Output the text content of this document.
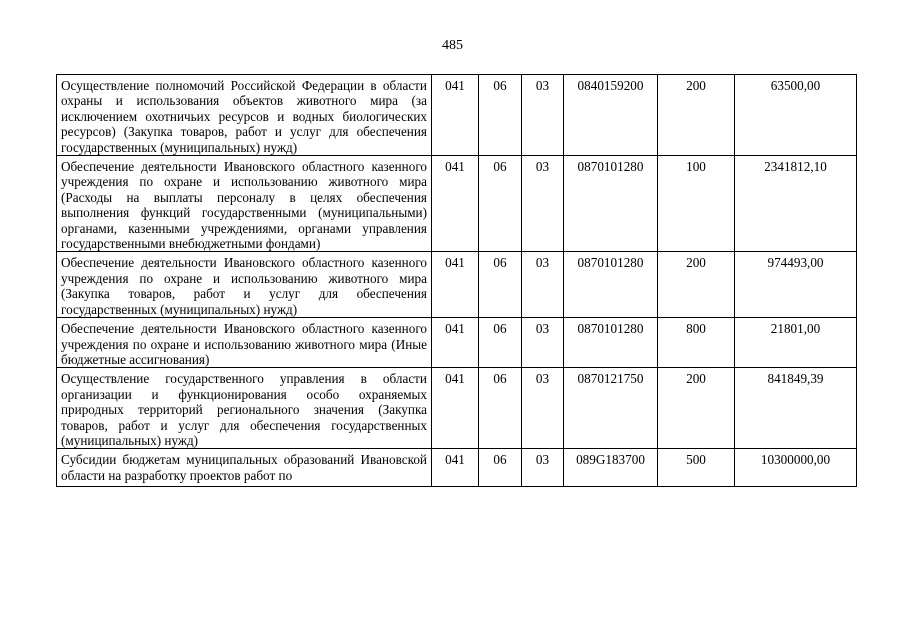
485
Осуществление полномочий Российской Федерации в области охраны и использования объектов животного мира (за исключением охотничьих ресурсов и водных биологических ресурсов) (Закупка товаров, работ и услуг для обеспечения государственных (муниципальных) нужд)	041	06	03	0840159200	200	63500,00
Обеспечение деятельности Ивановского областного казенного учреждения по охране и использованию животного мира (Расходы на выплаты персоналу в целях обеспечения выполнения функций государственными (муниципальными) органами, казенными учреждениями, органами управления государственными внебюджетными фондами)	041	06	03	0870101280	100	2341812,10
Обеспечение деятельности Ивановского областного казенного учреждения по охране и использованию животного мира (Закупка товаров, работ и услуг для обеспечения государственных (муниципальных) нужд)	041	06	03	0870101280	200	974493,00
Обеспечение деятельности Ивановского областного казенного учреждения по охране и использованию животного мира (Иные бюджетные ассигнования)	041	06	03	0870101280	800	21801,00
Осуществление государственного управления в области организации и функционирования особо охраняемых природных территорий регионального значения (Закупка товаров, работ и услуг для обеспечения государственных (муниципальных) нужд)	041	06	03	0870121750	200	841849,39
Субсидии бюджетам муниципальных образований Ивановской области на разработку проектов работ по	041	06	03	089G183700	500	10300000,00
